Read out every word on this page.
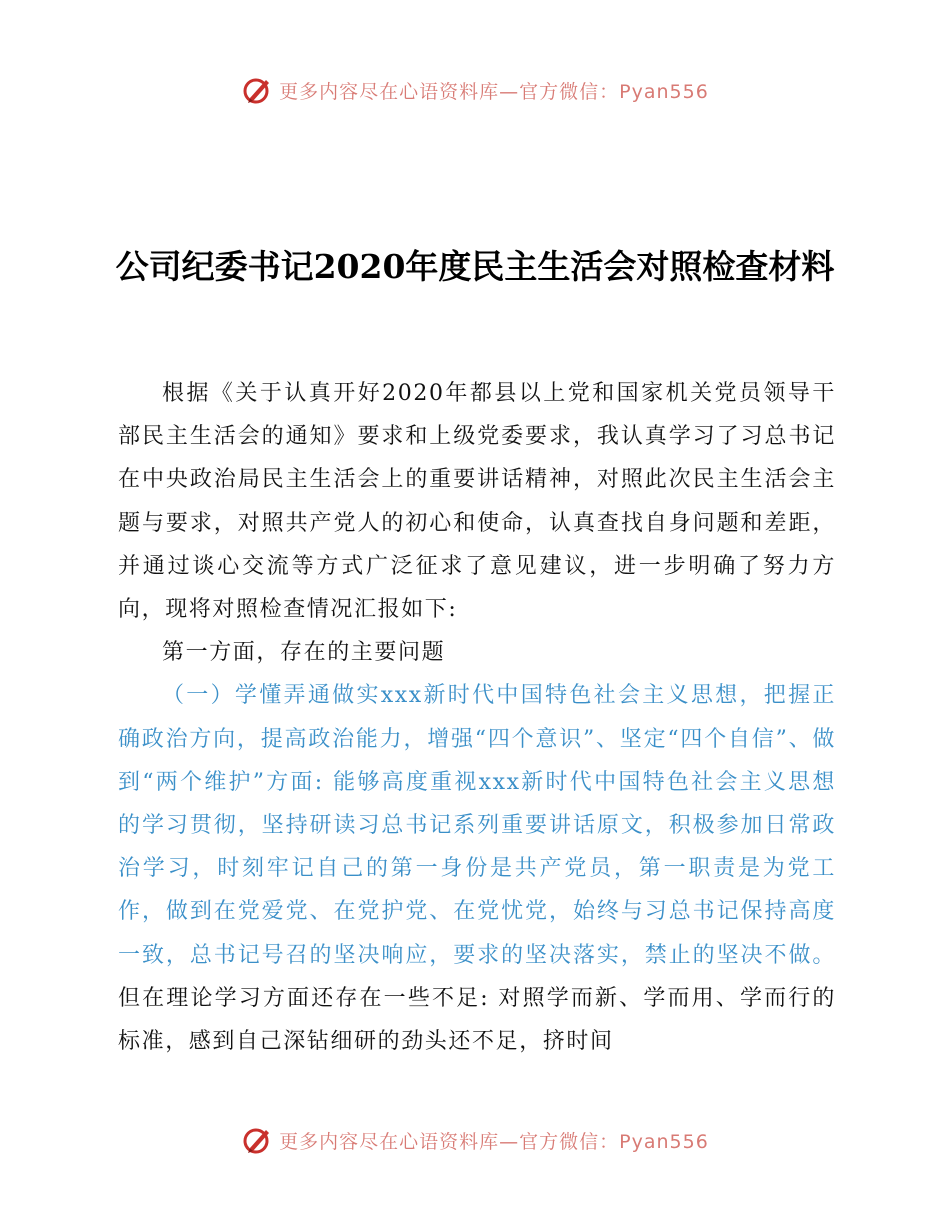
更多内容尽在心语资料库—官方微信：Pyan556
公司纪委书记2020年度民主生活会对照检查材料

根据《关于认真开好2020年都县以上党和国家机关党员领导干部民主生活会的通知》要求和上级党委要求，我认真学习了习总书记在中央政治局民主生活会上的重要讲话精神，对照此次民主生活会主题与要求，对照共产党人的初心和使命，认真查找自身问题和差距，并通过谈心交流等方式广泛征求了意见建议，进一步明确了努力方向，现将对照检查情况汇报如下:

第一方面，存在的主要问题

（一）学懂弄通做实xxx新时代中国特色社会主义思想，把握正确政治方向，提高政治能力，增强“四个意识”、坚定“四个自信”、做到“两个维护”方面: 能够高度重视xxx新时代中国特色社会主义思想的学习贯彻，坚持研读习总书记系列重要讲话原文，积极参加日常政治学习，时刻牢记自己的第一身份是共产党员，第一职责是为党工作，做到在党爱党、在党护党、在党忧党，始终与习总书记保持高度一致，总书记号召的坚决响应，要求的坚决落实，禁止的坚决不做。但在理论学习方面还存在一些不足: 对照学而新、学而用、学而行的标准，感到自己深钻细研的劲头还不足，挤时间

更多内容尽在心语资料库—官方微信：Pyan556
